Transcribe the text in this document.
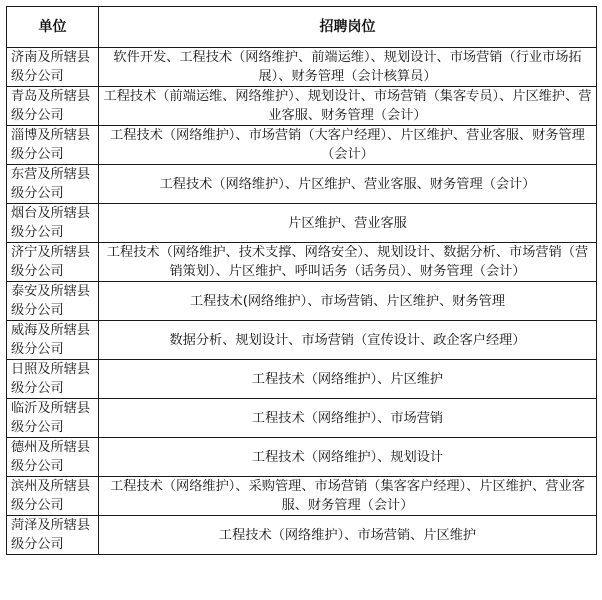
单位	招聘岗位
济南及所辖县级分公司	软件开发、工程技术（网络维护、前端运维）、规划设计、市场营销（行业市场拓展）、财务管理（会计核算员）
青岛及所辖县级分公司	工程技术（前端运维、网络维护）、规划设计、市场营销（集客专员）、片区维护、营业客服、财务管理（会计）
淄博及所辖县级分公司	工程技术（网络维护）、市场营销（大客户经理）、片区维护、营业客服、财务管理（会计）
东营及所辖县级分公司	工程技术（网络维护）、片区维护、营业客服、财务管理（会计）
烟台及所辖县级分公司	片区维护、营业客服
济宁及所辖县级分公司	工程技术（网络维护、技术支撑、网络安全）、规划设计、数据分析、市场营销（营销策划）、片区维护、呼叫话务（话务员）、财务管理（会计）
泰安及所辖县级分公司	工程技术(网络维护）、市场营销、片区维护、财务管理
威海及所辖县级分公司	数据分析、规划设计、市场营销（宣传设计、政企客户经理）
日照及所辖县级分公司	工程技术（网络维护）、片区维护
临沂及所辖县级分公司	工程技术（网络维护）、市场营销
德州及所辖县级分公司	工程技术（网络维护）、规划设计
滨州及所辖县级分公司	工程技术（网络维护）、采购管理、市场营销（集客客户经理）、片区维护、营业客服、财务管理（会计）
菏泽及所辖县级分公司	工程技术（网络维护）、市场营销、片区维护
